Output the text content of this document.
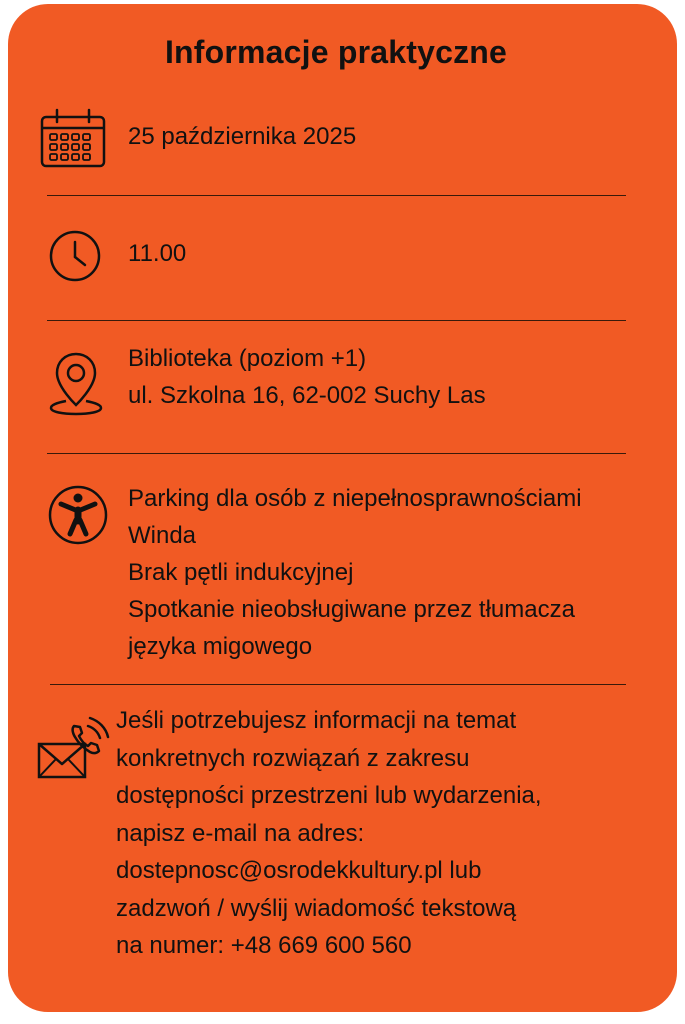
Informacje praktyczne
25 października 2025
11.00
Biblioteka (poziom +1)
ul. Szkolna 16, 62-002 Suchy Las
Parking dla osób z niepełnosprawnościami
Winda
Brak pętli indukcyjnej
Spotkanie nieobsługiwane przez tłumacza
języka migowego
Jeśli potrzebujesz informacji na temat
konkretnych rozwiązań z zakresu
dostępności przestrzeni lub wydarzenia,
napisz e-mail na adres:
dostepnosc@osrodekkultury.pl lub
zadzwoń / wyślij wiadomość tekstową
na numer: +48 669 600 560
